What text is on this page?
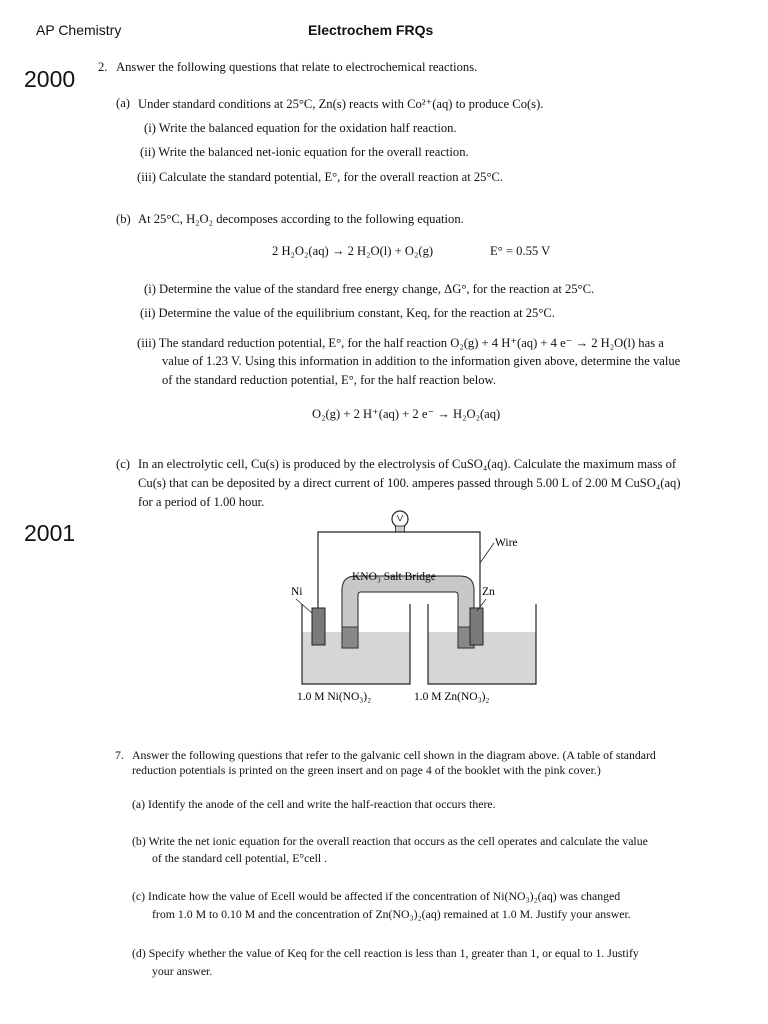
AP Chemistry	Electrochem FRQs
2000
2001
2. Answer the following questions that relate to electrochemical reactions.
(a) Under standard conditions at 25°C, Zn(s) reacts with Co²⁺(aq) to produce Co(s).
(i) Write the balanced equation for the oxidation half reaction.
(ii) Write the balanced net-ionic equation for the overall reaction.
(iii) Calculate the standard potential, E°, for the overall reaction at 25°C.
(b) At 25°C, H₂O₂ decomposes according to the following equation.
2 H₂O₂(aq) → 2 H₂O(l) + O₂(g)	E° = 0.55 V
(i) Determine the value of the standard free energy change, ΔG°, for the reaction at 25°C.
(ii) Determine the value of the equilibrium constant, Keq, for the reaction at 25°C.
(iii) The standard reduction potential, E°, for the half reaction O₂(g) + 4 H⁺(aq) + 4 e⁻ → 2 H₂O(l) has a
value of 1.23 V. Using this information in addition to the information given above, determine the value
of the standard reduction potential, E°, for the half reaction below.
O₂(g) + 2 H⁺(aq) + 2 e⁻ → H₂O₂(aq)
(c) In an electrolytic cell, Cu(s) is produced by the electrolysis of CuSO₄(aq). Calculate the maximum mass of
Cu(s) that can be deposited by a direct current of 100. amperes passed through 5.00 L of 2.00 M CuSO₄(aq)
for a period of 1.00 hour.
Wire
KNO₃ Salt Bridge
Ni	Zn
1.0 M Ni(NO₃)₂	1.0 M Zn(NO₃)₂
7. Answer the following questions that refer to the galvanic cell shown in the diagram above. (A table of standard
reduction potentials is printed on the green insert and on page 4 of the booklet with the pink cover.)
(a) Identify the anode of the cell and write the half-reaction that occurs there.
(b) Write the net ionic equation for the overall reaction that occurs as the cell operates and calculate the value
of the standard cell potential, E°cell .
(c) Indicate how the value of Ecell would be affected if the concentration of Ni(NO₃)₂(aq) was changed
from 1.0 M to 0.10 M and the concentration of Zn(NO₃)₂(aq) remained at 1.0 M. Justify your answer.
(d) Specify whether the value of Keq for the cell reaction is less than 1, greater than 1, or equal to 1. Justify
your answer.
